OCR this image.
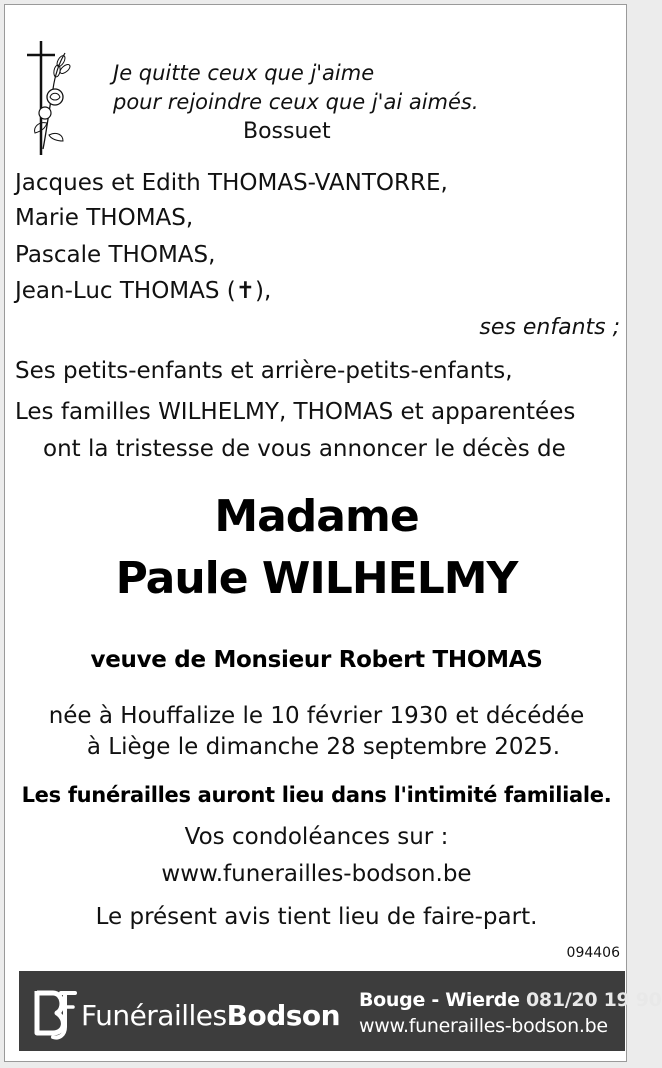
Je quitte ceux que j'aime
pour rejoindre ceux que j'ai aimés.
Bossuet
Jacques et Edith THOMAS-VANTORRE,
Marie THOMAS,
Pascale THOMAS,
Jean-Luc THOMAS (✝),
ses enfants ;
Ses petits-enfants et arrière-petits-enfants,
Les familles WILHELMY, THOMAS et apparentées
ont la tristesse de vous annoncer le décès de
Madame
Paule WILHELMY
veuve de Monsieur Robert THOMAS
née à Houffalize le 10 février 1930 et décédée
à Liège le dimanche 28 septembre 2025.
Les funérailles auront lieu dans l'intimité familiale.
Vos condoléances sur :
www.funerailles-bodson.be
Le présent avis tient lieu de faire-part.
094406
FunéraillesBodson Bouge - Wierde 081/20 19 90
www.funerailles-bodson.be
